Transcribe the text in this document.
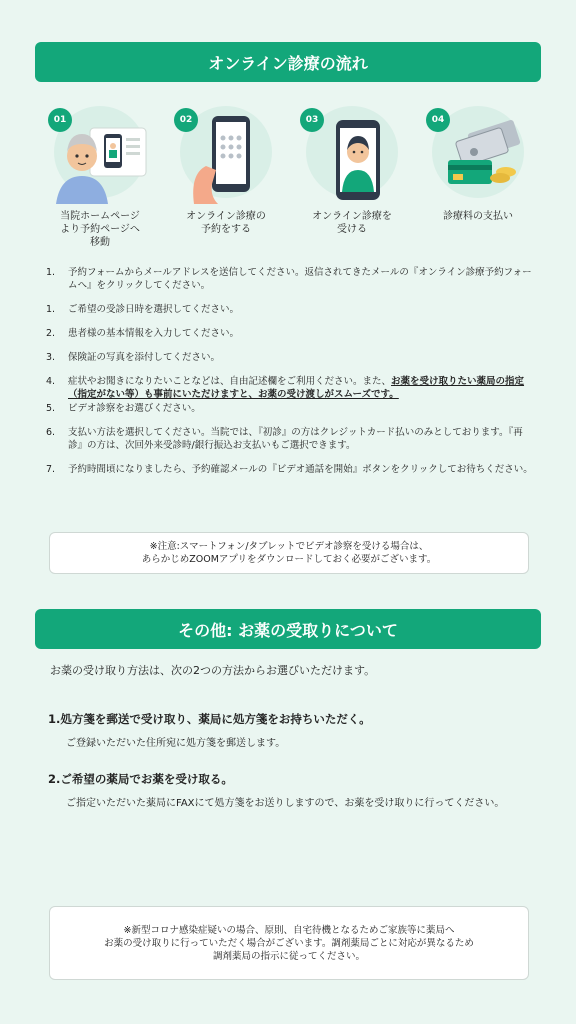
オンライン診療の流れ
01
当院ホームページ
より予約ページへ
移動
02
オンライン診療の
予約をする
03
オンライン診療を
受ける
04
診療料の支払い
1. 予約フォームからメールアドレスを送信してください。返信されてきたメールの『オンライン診療予約フォームへ』をクリックしてください。
1. ご希望の受診日時を選択してください。
2. 患者様の基本情報を入力してください。
3. 保険証の写真を添付してください。
4. 症状やお聞きになりたいことなどは、自由記述欄をご利用ください。また、お薬を受け取りたい薬局の指定（指定がない等）も事前にいただけますと、お薬の受け渡しがスムーズです。
5. ビデオ診察をお選びください。
6. 支払い方法を選択してください。当院では、『初診』の方はクレジットカード払いのみとしております。『再診』の方は、次回外来受診時/銀行振込お支払いもご選択できます。
7. 予約時間頃になりましたら、予約確認メールの『ビデオ通話を開始』ボタンをクリックしてお待ちください。
※注意:スマートフォン/タブレットでビデオ診察を受ける場合は、
あらかじめZOOMアプリをダウンロードしておく必要がございます。
その他: お薬の受取りについて
お薬の受け取り方法は、次の2つの方法からお選びいただけます。
1.処方箋を郵送で受け取り、薬局に処方箋をお持ちいただく。
ご登録いただいた住所宛に処方箋を郵送します。
2.ご希望の薬局でお薬を受け取る。
ご指定いただいた薬局にFAXにて処方箋をお送りしますので、お薬を受け取りに行ってください。
※新型コロナ感染症疑いの場合、原則、自宅待機となるためご家族等に薬局へ
お薬の受け取りに行っていただく場合がございます。調剤薬局ごとに対応が異なるため
調剤薬局の指示に従ってください。
